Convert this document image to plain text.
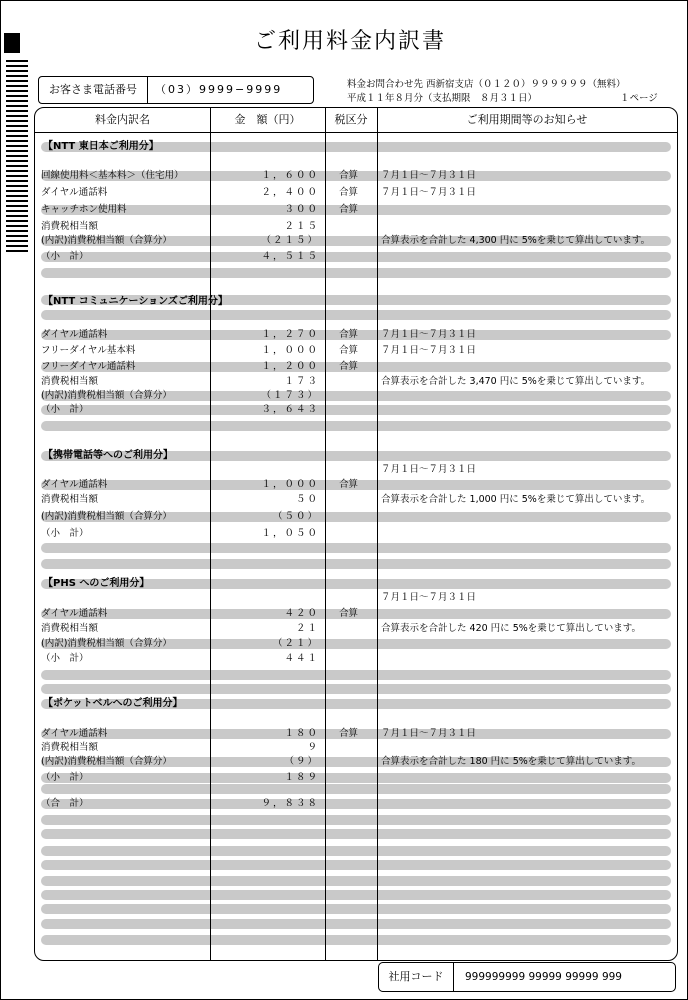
ご利用料金内訳書
お客さま電話番号	（03）9999−9999	料金お問合わせ先 西新宿支店（０１２０）９９９９９９（無料）
平成１１年８月分（支払期限　８月３１日）	１ページ
料金内訳名	金　額（円）	税区分	ご利用期間等のお知らせ
【NTT 東日本ご利用分】
回線使用料＜基本料＞（住宅用）	１，６００ 合算 ７月１日〜７月３１日
ダイヤル通話料	２，４００ 合算 ７月１日〜７月３１日
キャッチホン使用料	３００ 合算
消費税相当額	２１５
(内訳)消費税相当額（合算分）	（２１５）	合算表示を合計した 4,300 円に 5%を乗じて算出しています。
（小　計）	４，５１５
【NTT コミュニケーションズご利用分】
ダイヤル通話料	１，２７０ 合算 ７月１日〜７月３１日
フリーダイヤル基本料	１，０００ 合算 ７月１日〜７月３１日
フリーダイヤル通話料	１，２００ 合算
消費税相当額	１７３	合算表示を合計した 3,470 円に 5%を乗じて算出しています。
(内訳)消費税相当額（合算分）	（１７３）
（小　計）	３，６４３
【携帯電話等へのご利用分】
７月１日〜７月３１日
ダイヤル通話料	１，０００ 合算
消費税相当額	５０	合算表示を合計した 1,000 円に 5%を乗じて算出しています。
(内訳)消費税相当額（合算分）	（５０）
（小　計）	１，０５０
【PHS へのご利用分】
７月１日〜７月３１日
ダイヤル通話料	４２０ 合算
消費税相当額	２１	合算表示を合計した 420 円に 5%を乗じて算出しています。
(内訳)消費税相当額（合算分）	（２１）
（小　計）	４４１
【ポケットベルへのご利用分】
ダイヤル通話料	１８０ 合算 ７月１日〜７月３１日
消費税相当額	９
(内訳)消費税相当額（合算分）	（９）	合算表示を合計した 180 円に 5%を乗じて算出しています。
（小　計）	１８９
（合　計）	９，８３８
社用コード	999999999 99999 99999 999
